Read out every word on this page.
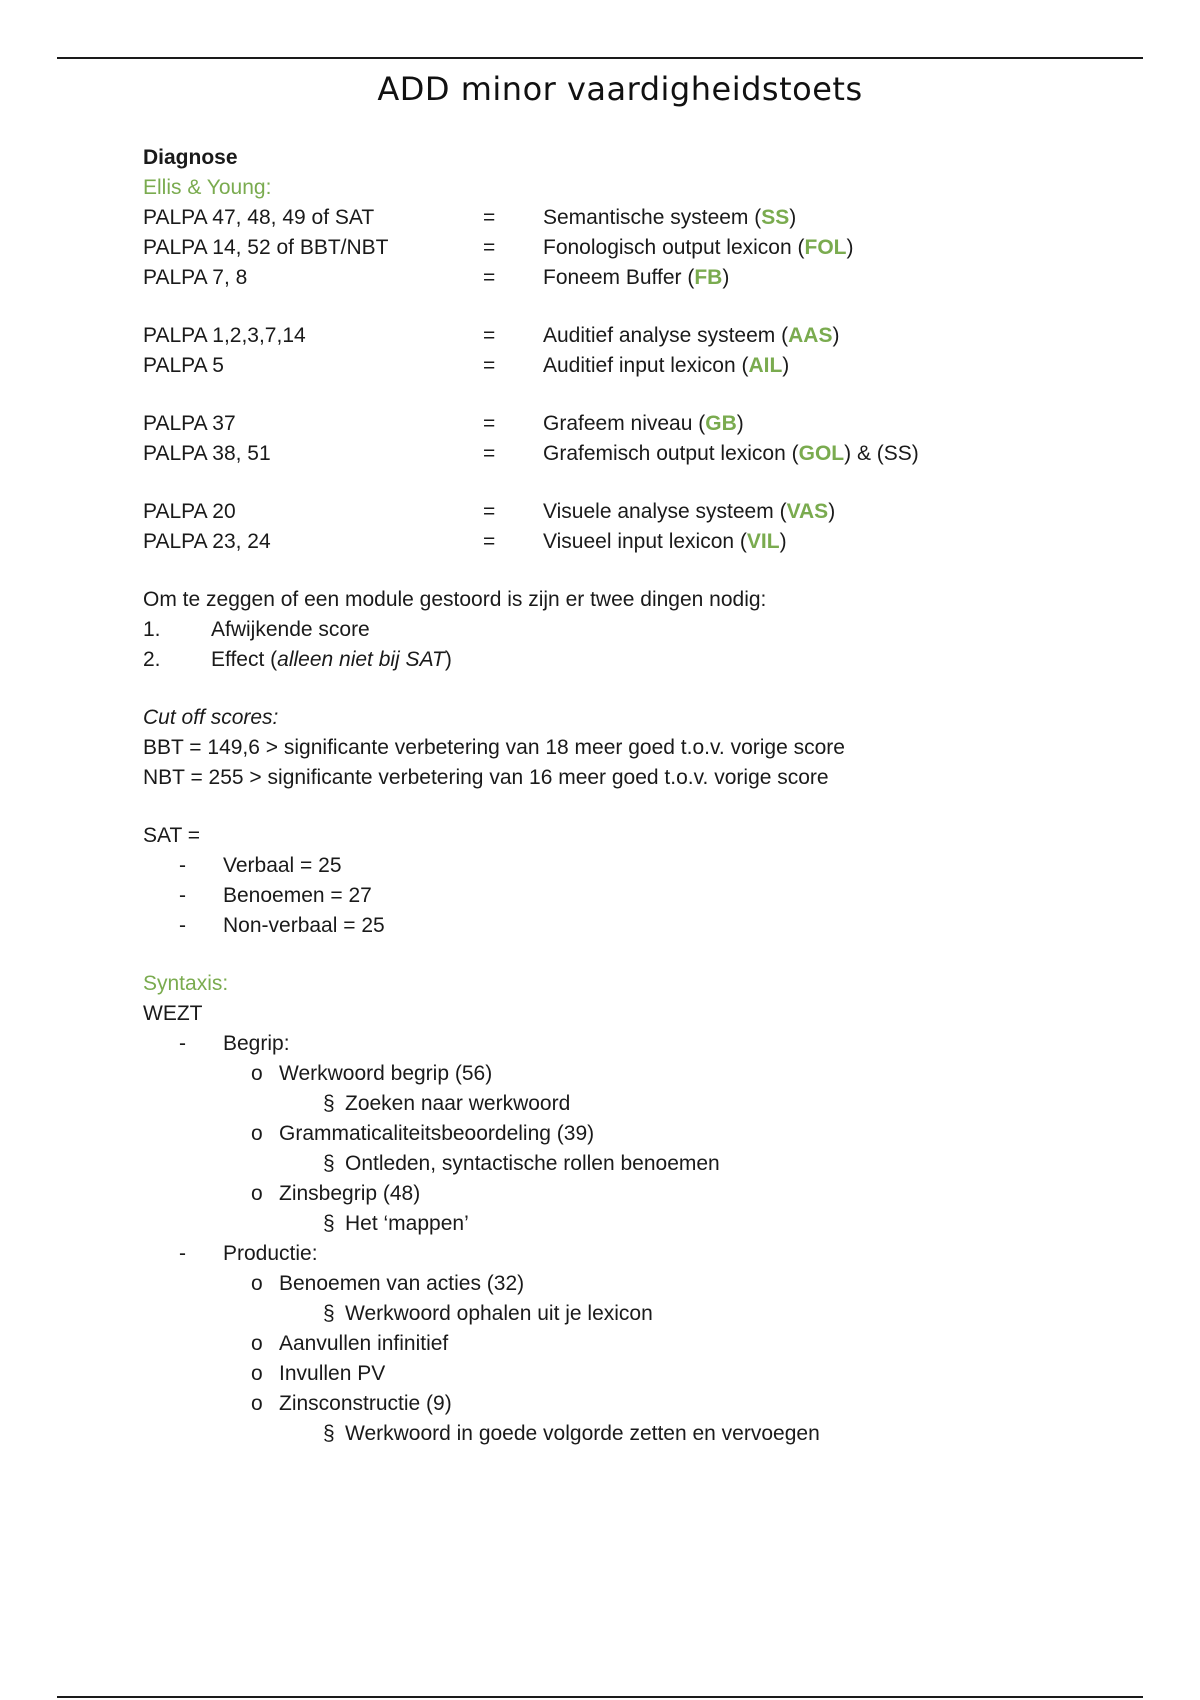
ADD minor vaardigheidstoets
Diagnose
Ellis & Young:
PALPA 47, 48, 49 of SAT	=	Semantische systeem (SS)
PALPA 14, 52 of BBT/NBT	=	Fonologisch output lexicon (FOL)
PALPA 7, 8	=	Foneem Buffer (FB)
PALPA 1,2,3,7,14	=	Auditief analyse systeem (AAS)
PALPA 5	=	Auditief input lexicon (AIL)
PALPA 37	=	Grafeem niveau (GB)
PALPA 38, 51	=	Grafemisch output lexicon (GOL) & (SS)
PALPA 20	=	Visuele analyse systeem (VAS)
PALPA 23, 24	=	Visueel input lexicon (VIL)
Om te zeggen of een module gestoord is zijn er twee dingen nodig:
1. Afwijkende score
2. Effect (alleen niet bij SAT)
Cut off scores:
BBT = 149,6 > significante verbetering van 18 meer goed t.o.v. vorige score
NBT = 255 > significante verbetering van 16 meer goed t.o.v. vorige score
SAT =
- Verbaal = 25
- Benoemen = 27
- Non-verbaal = 25
Syntaxis:
WEZT
- Begrip:
o Werkwoord begrip (56)
§ Zoeken naar werkwoord
o Grammaticaliteitsbeoordeling (39)
§ Ontleden, syntactische rollen benoemen
o Zinsbegrip (48)
§ Het ‘mappen’
- Productie:
o Benoemen van acties (32)
§ Werkwoord ophalen uit je lexicon
o Aanvullen infinitief
o Invullen PV
o Zinsconstructie (9)
§ Werkwoord in goede volgorde zetten en vervoegen
